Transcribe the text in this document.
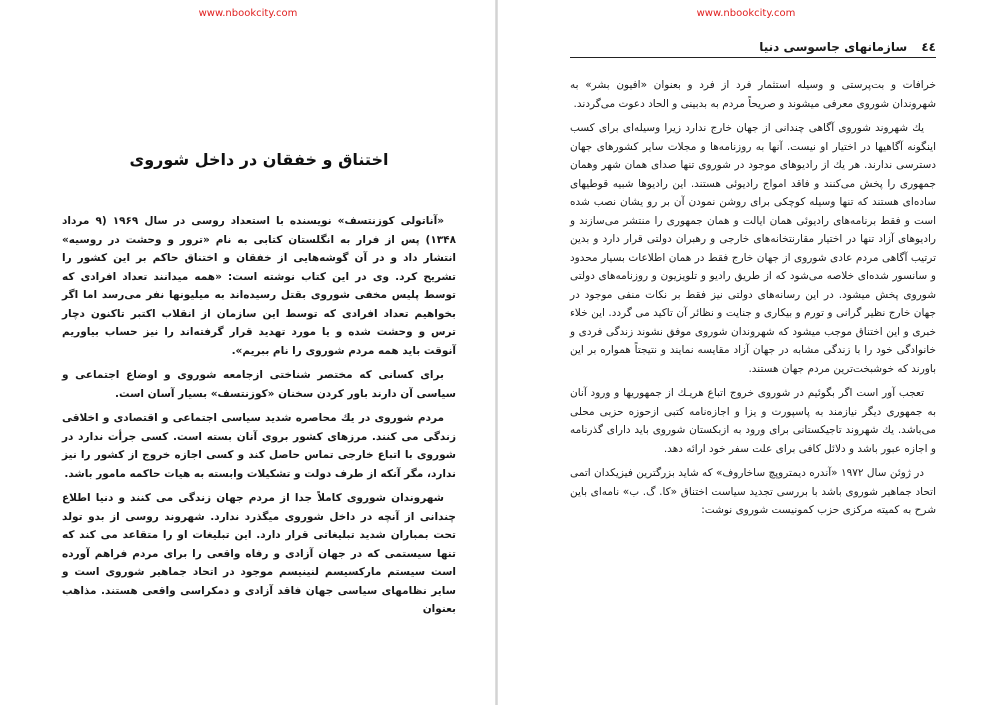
www.nbookcity.com
اختناق و خفقان در داخل شوروی

«آناتولی کوزنتسف» نویسنده با استعداد روسی در سال ۱۹۶۹ (۹ مرداد ۱۳۴۸) پس از فرار به انگلستان کتابی به نام «ترور و وحشت در روسیه» انتشار داد و در آن گوشه‌هایی از خفقان و اختناق حاکم بر این کشور را تشریح کرد. وی در این کتاب نوشته است: «همه میدانند تعداد افرادی که توسط پلیس مخفی شوروی بقتل رسیده‌اند به میلیونها نفر می‌رسد اما اگر بخواهیم تعداد افرادی که توسط این سازمان از انقلاب اکتبر تاکنون دچار ترس و وحشت شده و یا مورد تهدید قرار گرفته‌اند را نیز حساب بیاوریم آنوقت باید همه مردم شوروی را نام ببریم».

برای کسانی که مختصر شناختی ازجامعه شوروی و اوضاع اجتماعی و سیاسی آن دارند باور کردن سخنان «کوزنتسف» بسیار آسان است.

مردم شوروی در یك محاصره شدید سیاسی اجتماعی و اقتصادی و اخلاقی زندگی می کنند. مرزهای کشور بروی آنان بسته است. کسی جرأت ندارد در شوروی با اتباع خارجی تماس حاصل کند و کسی اجازه خروج از کشور را نیز ندارد، مگر آنکه از طرف دولت و تشکیلات وابسته به هیات حاکمه مامور باشد.

شهروندان شوروی کاملاً جدا از مردم جهان زندگی می کنند و دنیا اطلاع چندانی از آنچه در داخل شوروی میگذرد ندارد. شهروند روسی از بدو تولد تحت بمباران شدید تبلیغاتی قرار دارد. این تبلیغات او را متقاعد می کند که تنها سیستمی که در جهان آزادی و رفاه واقعی را برای مردم فراهم آورده است سیستم مارکسیسم لنینیسم موجود در اتحاد جماهیر شوروی است و سایر نظامهای سیاسی جهان فاقد آزادی و دمکراسی واقعی هستند. مذاهب بعنوان

www.nbookcity.com
٤٤ سازمانهای جاسوسی دنیا

خرافات و بت‌پرستی و وسیله استثمار فرد از فرد و بعنوان «افیون بشر» به شهروندان شوروی معرفی میشوند و صریحاً مردم به بدبینی و الحاد دعوت می‌گردند.

یك شهروند شوروی آگاهی چندانی از جهان خارج ندارد زیرا وسیله‌ای برای کسب اینگونه آگاهیها در اختیار او نیست. آنها به روزنامه‌ها و مجلات سایر کشورهای جهان دسترسی ندارند. هر یك از رادیوهای موجود در شوروی تنها صدای همان شهر وهمان جمهوری را پخش می‌کنند و فاقد امواج رادیوئی هستند. این رادیوها شبیه قوطیهای ساده‌ای هستند که تنها وسیله کوچکی برای روشن نمودن آن بر رو یشان نصب شده است و فقط برنامه‌های رادیوئی همان ایالت و همان جمهوری را منتشر می‌سازند و رادیوهای آزاد تنها در اختیار مقارنتخانه‌های خارجی و رهبران دولتی قرار دارد و بدین ترتیب آگاهی مردم عادی شوروی از جهان خارج فقط در همان اطلاعات بسیار محدود و سانسور شده‌ای خلاصه می‌شود که از طریق رادیو و تلویزیون و روزنامه‌های دولتی شوروی پخش میشود. در این رسانه‌های دولتی نیز فقط بر نکات منفی موجود در جهان خارج نظیر گرانی و تورم و بیکاری و جنایت و نظائر آن تاکید می گردد. این خلاء خبری و این اختناق موجب میشود که شهروندان شوروی موفق نشوند زندگی فردی و خانوادگی خود را با زندگی مشابه در جهان آزاد مقایسه نمایند و نتیجتاً همواره بر این باورند که خوشبخت‌ترین مردم جهان هستند.

تعجب آور است اگر بگوئیم در شوروی خروج اتباع هریـك از جمهوریها و ورود آنان به جمهوری دیگر نیازمند به پاسپورت و یزا و اجازه‌نامه کتبی ازحوزه حزبی محلی می‌باشد. یك شهروند تاجیکستانی برای ورود به ازبکستان شوروی باید دارای گذرنامه و اجازه عبور باشد و دلائل کافی برای علت سفر خود ارائه دهد.

در ژوئن سال ۱۹۷۲ «آندره دیمتروپچ ساخاروف» که شاید بزرگترین فیزیکدان اتمی اتحاد جماهیر شوروی باشد با بررسی تجدید سیاست اختناق «کا. گ. ب» نامه‌ای باین شرح به کمیته مرکزی حزب کمونیست شوروی نوشت:
